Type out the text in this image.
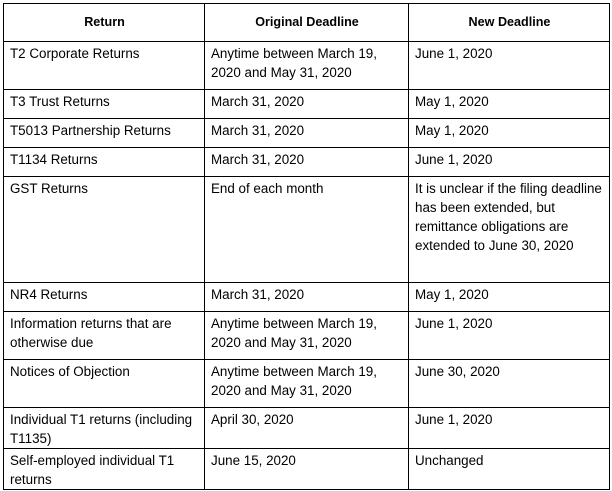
Return	Original Deadline	New Deadline
T2 Corporate Returns	Anytime between March 19, 2020 and May 31, 2020	June 1, 2020
T3 Trust Returns	March 31, 2020	May 1, 2020
T5013 Partnership Returns	March 31, 2020	May 1, 2020
T1134 Returns	March 31, 2020	June 1, 2020
GST Returns	End of each month	It is unclear if the filing deadline has been extended, but remittance obligations are extended to June 30, 2020
NR4 Returns	March 31, 2020	May 1, 2020
Information returns that are otherwise due	Anytime between March 19, 2020 and May 31, 2020	June 1, 2020
Notices of Objection	Anytime between March 19, 2020 and May 31, 2020	June 30, 2020
Individual T1 returns (including T1135)	April 30, 2020	June 1, 2020
Self-employed individual T1 returns	June 15, 2020	Unchanged
